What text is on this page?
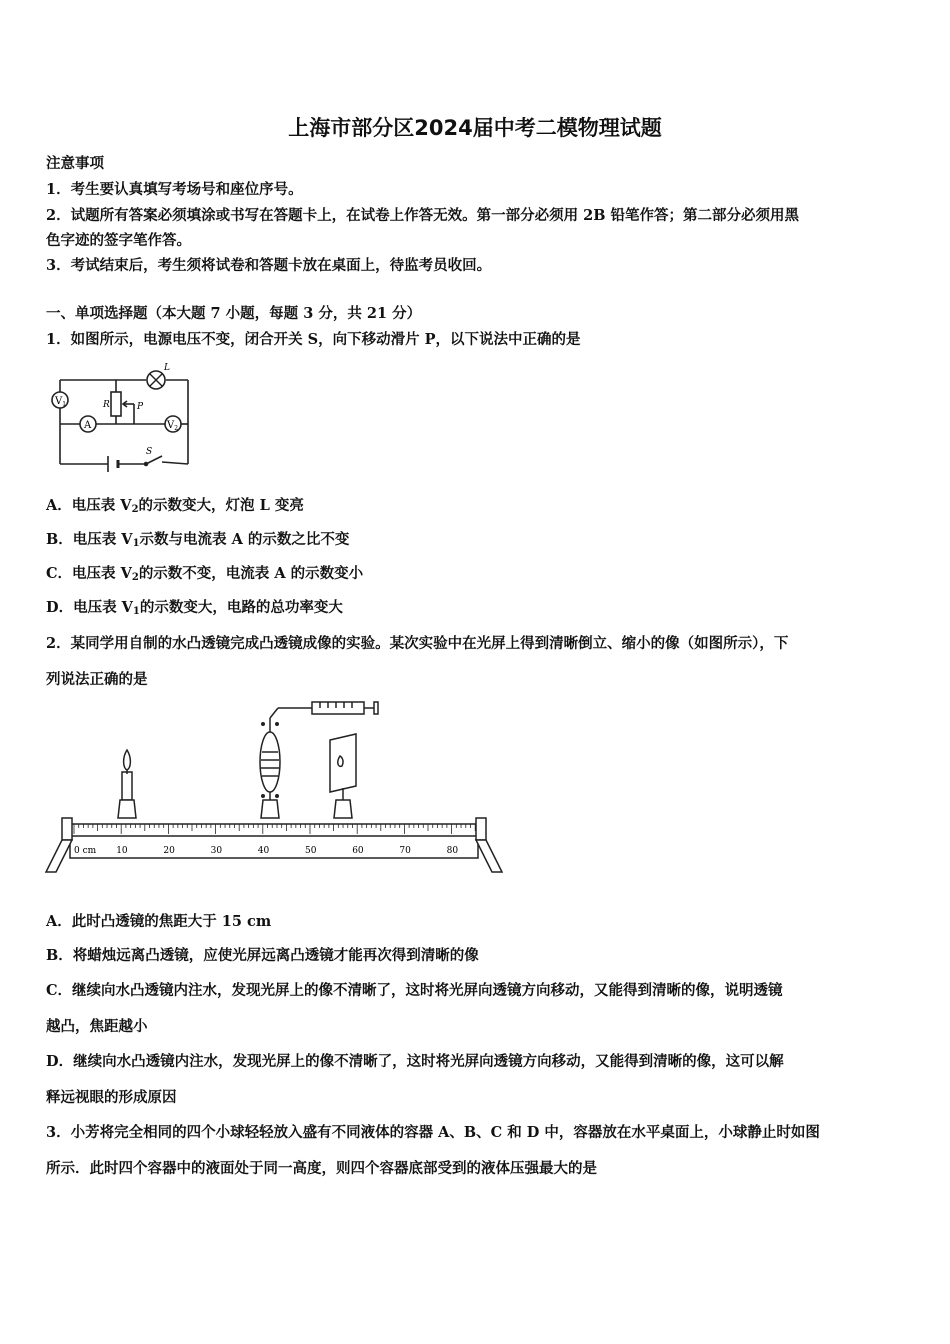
上海市部分区2024届中考二模物理试题
注意事项
1．考生要认真填写考场号和座位序号。
2．试题所有答案必须填涂或书写在答题卡上，在试卷上作答无效。第一部分必须用 2B 铅笔作答；第二部分必须用黑
色字迹的签字笔作答。
3．考试结束后，考生须将试卷和答题卡放在桌面上，待监考员收回。
一、单项选择题（本大题 7 小题，每题 3 分，共 21 分）
1．如图所示，电源电压不变，闭合开关 S，向下移动滑片 P，以下说法中正确的是
$V_1$
A	$V_2$
R	P
L
S
A．电压表 $V_2$的示数变大，灯泡 L 变亮
B．电压表 $V_1$示数与电流表 A 的示数之比不变
C．电压表 $V_2$的示数不变，电流表 A 的示数变小
D．电压表 $V_1$的示数变大，电路的总功率变大
2．某同学用自制的水凸透镜完成凸透镜成像的实验。某次实验中在光屏上得到清晰倒立、缩小的像（如图所示），下
列说法正确的是
0 cm 10	20	30	40	50	60	70	80
A．此时凸透镜的焦距大于 15 cm
B．将蜡烛远离凸透镜，应使光屏远离凸透镜才能再次得到清晰的像
C．继续向水凸透镜内注水，发现光屏上的像不清晰了，这时将光屏向透镜方向移动，又能得到清晰的像，说明透镜
越凸，焦距越小
D．继续向水凸透镜内注水，发现光屏上的像不清晰了，这时将光屏向透镜方向移动，又能得到清晰的像，这可以解
释远视眼的形成原因
3．小芳将完全相同的四个小球轻轻放入盛有不同液体的容器 A、B、C 和 D 中，容器放在水平桌面上，小球静止时如图
所示．此时四个容器中的液面处于同一高度，则四个容器底部受到的液体压强最大的是
